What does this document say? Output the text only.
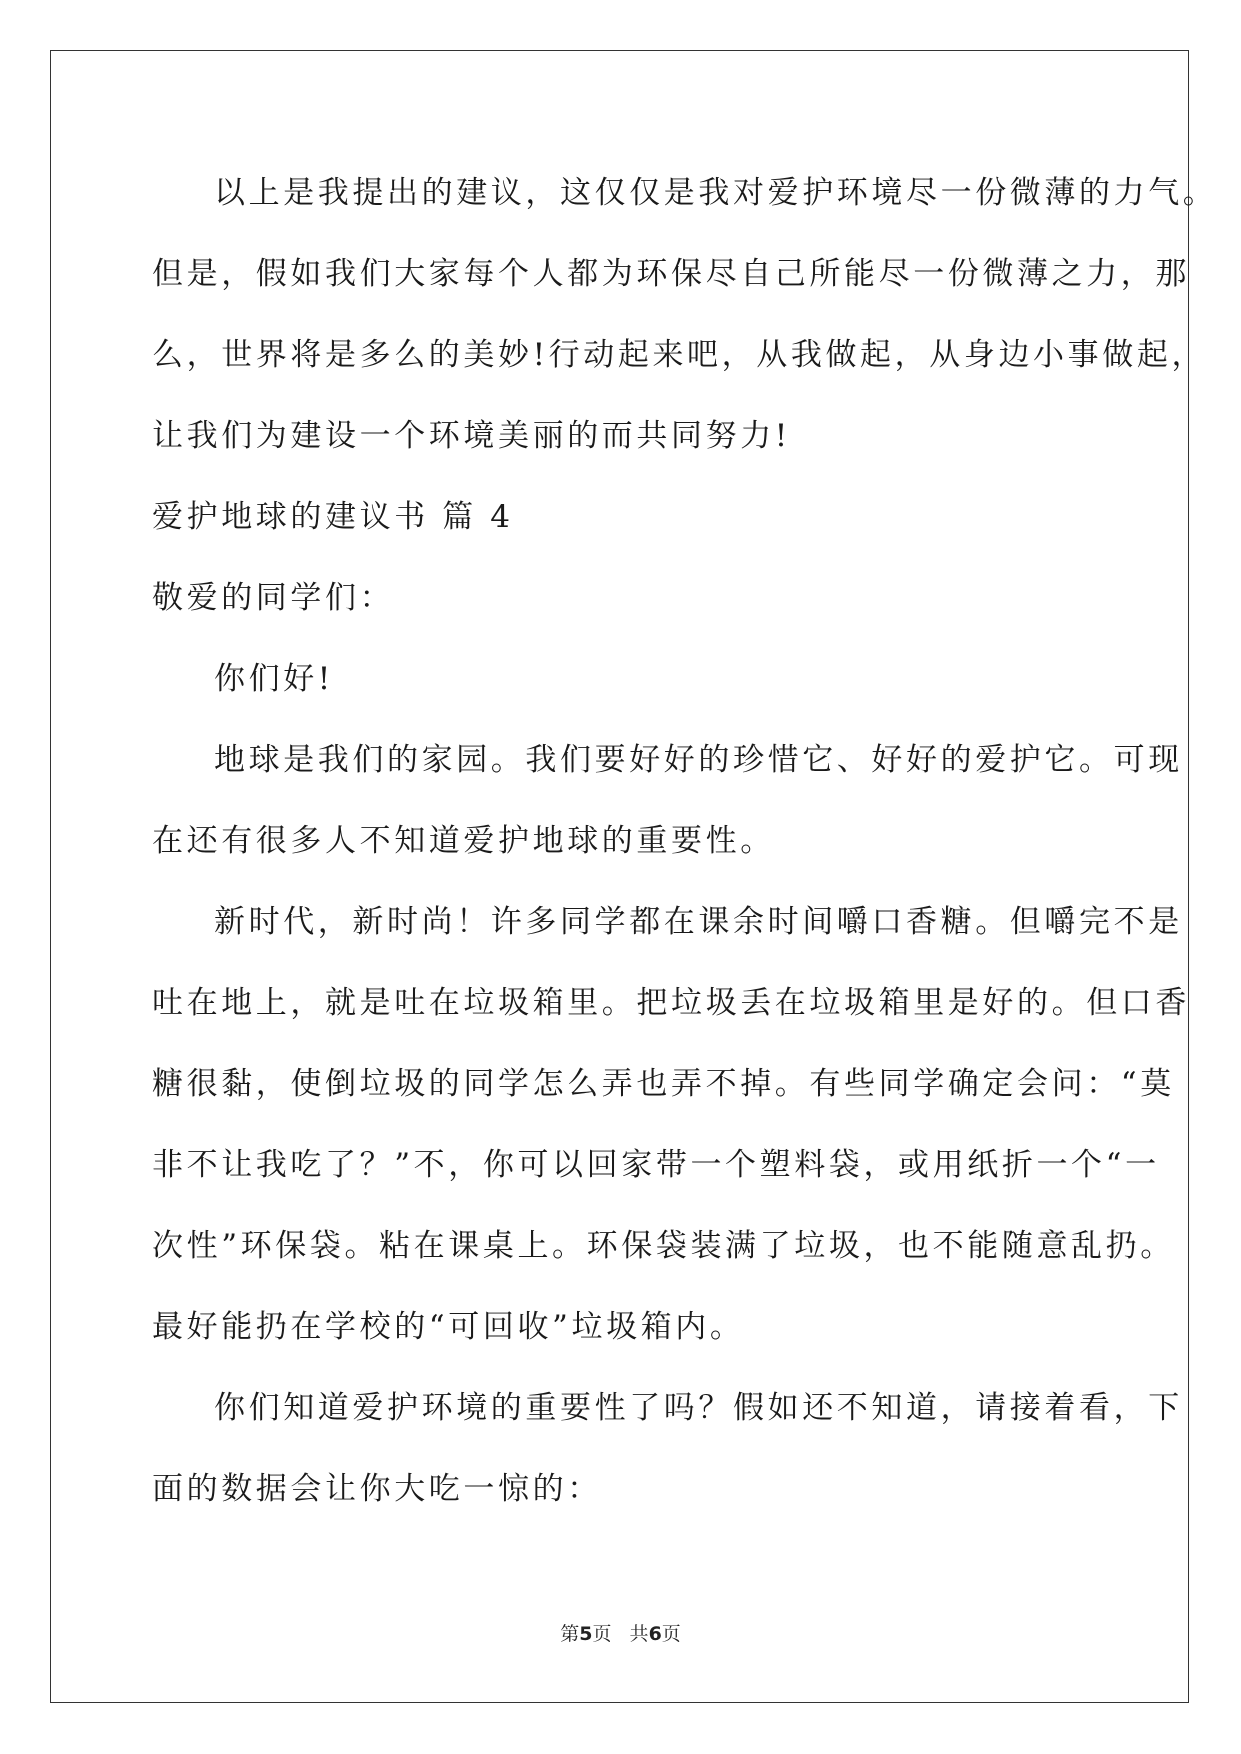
以上是我提出的建议，这仅仅是我对爱护环境尽一份微薄的力气。
但是，假如我们大家每个人都为环保尽自己所能尽一份微薄之力，那
么，世界将是多么的美妙!行动起来吧，从我做起，从身边小事做起，
让我们为建设一个环境美丽的而共同努力!
爱护地球的建议书 篇 4
敬爱的同学们：
你们好!
地球是我们的家园。我们要好好的珍惜它、好好的爱护它。可现
在还有很多人不知道爱护地球的重要性。
新时代，新时尚！许多同学都在课余时间嚼口香糖。但嚼完不是
吐在地上，就是吐在垃圾箱里。把垃圾丢在垃圾箱里是好的。但口香
糖很黏，使倒垃圾的同学怎么弄也弄不掉。有些同学确定会问：“莫
非不让我吃了？”不，你可以回家带一个塑料袋，或用纸折一个“一
次性”环保袋。粘在课桌上。环保袋装满了垃圾，也不能随意乱扔。
最好能扔在学校的“可回收”垃圾箱内。
你们知道爱护环境的重要性了吗？假如还不知道，请接着看，下
面的数据会让你大吃一惊的：
第5页   共6页
